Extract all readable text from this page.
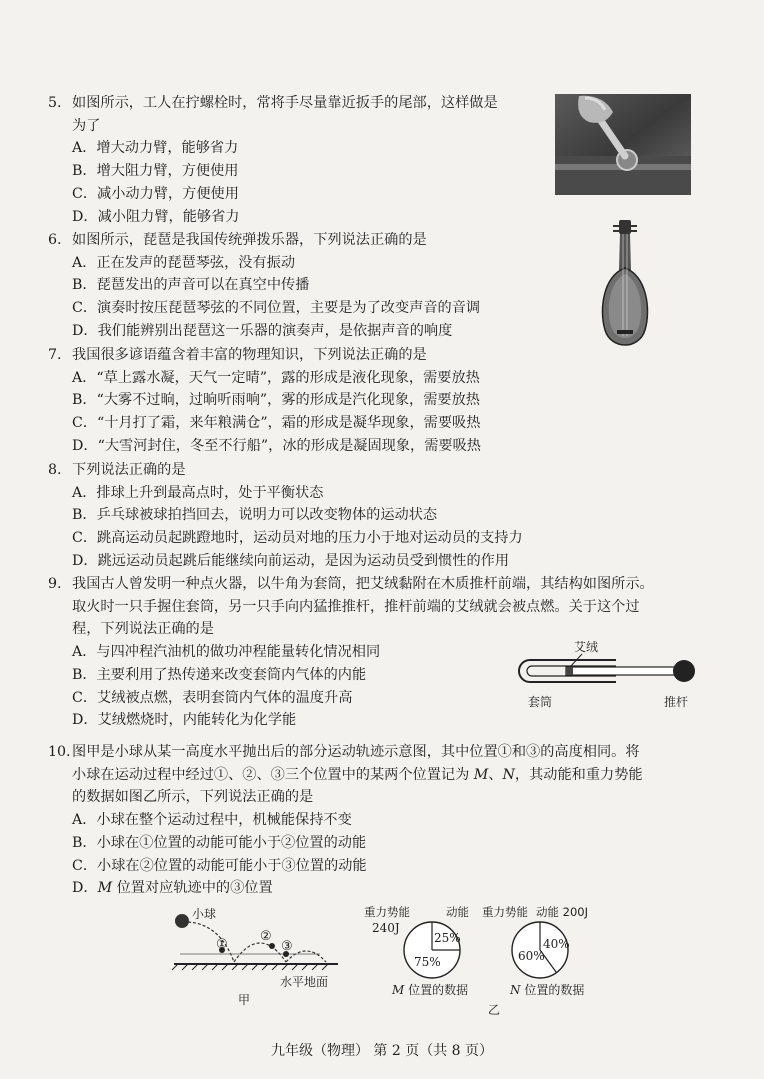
5. 如图所示，工人在拧螺栓时，常将手尽量靠近扳手的尾部，这样做是
为了
A．增大动力臂，能够省力
B．增大阻力臂，方便使用
C．减小动力臂，方便使用
D．减小阻力臂，能够省力
6. 如图所示，琵琶是我国传统弹拨乐器，下列说法正确的是
A．正在发声的琵琶琴弦，没有振动
B．琵琶发出的声音可以在真空中传播
C．演奏时按压琵琶琴弦的不同位置，主要是为了改变声音的音调
D．我们能辨别出琵琶这一乐器的演奏声，是依据声音的响度
7. 我国很多谚语蕴含着丰富的物理知识，下列说法正确的是
A．“草上露水凝，天气一定晴”，露的形成是液化现象，需要放热
B．“大雾不过晌，过晌听雨响”，雾的形成是汽化现象，需要放热
C．“十月打了霜，来年粮满仓”，霜的形成是凝华现象，需要吸热
D．“大雪河封住，冬至不行船”，冰的形成是凝固现象，需要吸热
8. 下列说法正确的是
A．排球上升到最高点时，处于平衡状态
B．乒乓球被球拍挡回去，说明力可以改变物体的运动状态
C．跳高运动员起跳蹬地时，运动员对地的压力小于地对运动员的支持力
D．跳远运动员起跳后能继续向前运动，是因为运动员受到惯性的作用
9. 我国古人曾发明一种点火器，以牛角为套筒，把艾绒黏附在木质推杆前端，其结构如图所示。
取火时一只手握住套筒，另一只手向内猛推推杆，推杆前端的艾绒就会被点燃。关于这个过
程，下列说法正确的是
A．与四冲程汽油机的做功冲程能量转化情况相同
B．主要利用了热传递来改变套筒内气体的内能
C．艾绒被点燃，表明套筒内气体的温度升高
D．艾绒燃烧时，内能转化为化学能
艾绒
套筒	推杆
10.图甲是小球从某一高度水平抛出后的部分运动轨迹示意图，其中位置①和③的高度相同。将
小球在运动过程中经过①、②、③三个位置中的某两个位置记为 M、N，其动能和重力势能
的数据如图乙所示，下列说法正确的是
A．小球在整个运动过程中，机械能保持不变
B．小球在①位置的动能可能小于②位置的动能
C．小球在②位置的动能可能小于③位置的动能
D．M 位置对应轨迹中的③位置
小球
①
②
③
水平地面
甲
重力势能	动能
240J
25%
75%
M 位置的数据
重力势能 动能 200J
40%
60%
N 位置的数据
乙
九年级（物理） 第 2 页（共 8 页）
